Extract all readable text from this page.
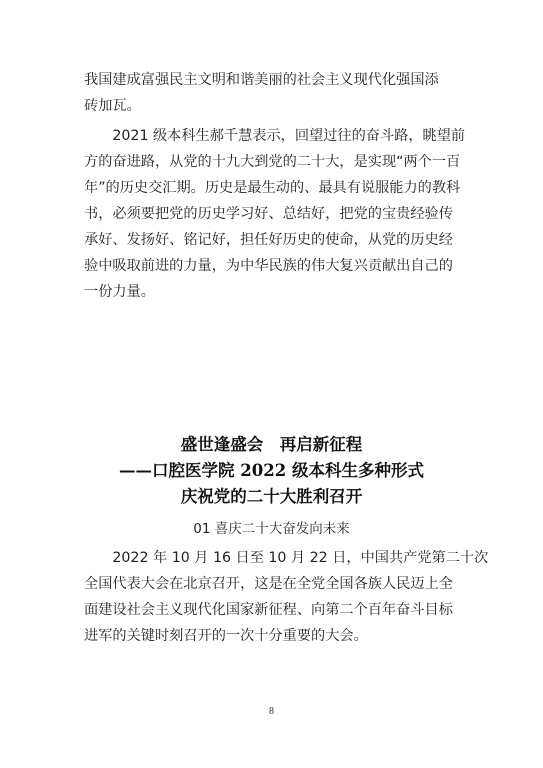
我国建成富强民主文明和谐美丽的社会主义现代化强国添
砖加瓦。
　　2021 级本科生郝千慧表示，回望过往的奋斗路，眺望前
方的奋进路，从党的十九大到党的二十大，是实现“两个一百
年”的历史交汇期。历史是最生动的、最具有说服能力的教科
书，必须要把党的历史学习好、总结好，把党的宝贵经验传
承好、发扬好、铭记好，担任好历史的使命，从党的历史经
验中吸取前进的力量，为中华民族的伟大复兴贡献出自己的
一份力量。
盛世逢盛会　再启新征程
——口腔医学院 2022 级本科生多种形式
庆祝党的二十大胜利召开
01 喜庆二十大奋发向未来
　　2022 年 10 月 16 日至 10 月 22 日，中国共产党第二十次
全国代表大会在北京召开，这是在全党全国各族人民迈上全
面建设社会主义现代化国家新征程、向第二个百年奋斗目标
进军的关键时刻召开的一次十分重要的大会。
8
